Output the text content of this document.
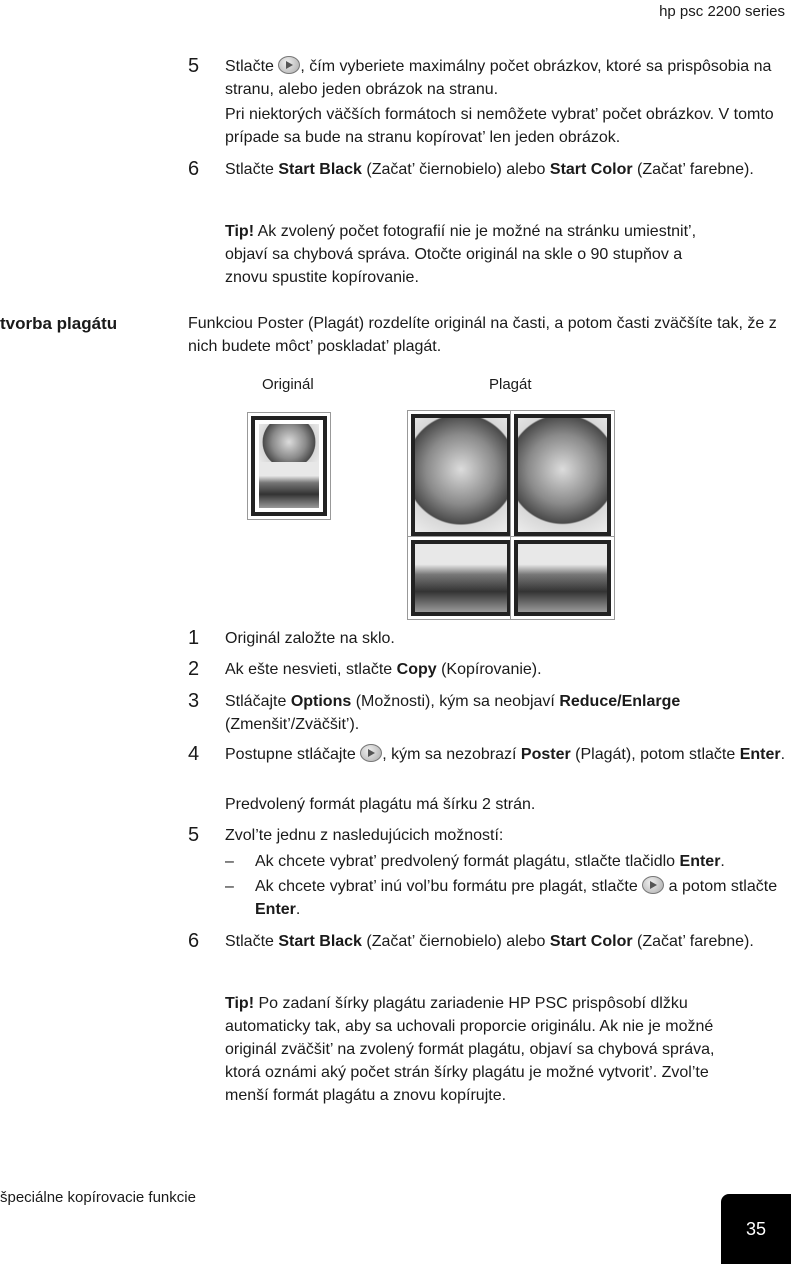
hp psc 2200 series
5 Stlačte , čím vyberiete maximálny počet obrázkov, ktoré sa prispôsobia na stranu, alebo jeden obrázok na stranu.
Pri niektorých väčších formátoch si nemôžete vybrat’ počet obrázkov. V tomto prípade sa bude na stranu kopírovat’ len jeden obrázok.
6 Stlačte Start Black (Začat’ čiernobielo) alebo Start Color (Začat’ farebne).
Tip! Ak zvolený počet fotografií nie je možné na stránku umiestnit’, objaví sa chybová správa. Otočte originál na skle o 90 stupňov a znovu spustite kopírovanie.
tvorba plagátu	Funkciou Poster (Plagát) rozdelíte originál na časti, a potom časti zväčšíte tak, že z nich budete môct’ poskladat’ plagát.
Originál	Plagát
1 Originál založte na sklo.
2 Ak ešte nesvieti, stlačte Copy (Kopírovanie).
3 Stláčajte Options (Možnosti), kým sa neobjaví Reduce/Enlarge (Zmenšit’/Zväčšit’).
4 Postupne stláčajte , kým sa nezobrazí Poster (Plagát), potom stlačte Enter.
Predvolený formát plagátu má šírku 2 strán.
5 Zvol’te jednu z nasledujúcich možností:
– Ak chcete vybrat’ predvolený formát plagátu, stlačte tlačidlo Enter.
– Ak chcete vybrat’ inú vol’bu formátu pre plagát, stlačte  a potom stlačte Enter.
6 Stlačte Start Black (Začat’ čiernobielo) alebo Start Color (Začat’ farebne).
Tip! Po zadaní šírky plagátu zariadenie HP PSC prispôsobí dlžku automaticky tak, aby sa uchovali proporcie originálu. Ak nie je možné originál zväčšit’ na zvolený formát plagátu, objaví sa chybová správa, ktorá oznámi aký počet strán šírky plagátu je možné vytvorit’. Zvol’te menší formát plagátu a znovu kopírujte.
špeciálne kopírovacie funkcie
35
